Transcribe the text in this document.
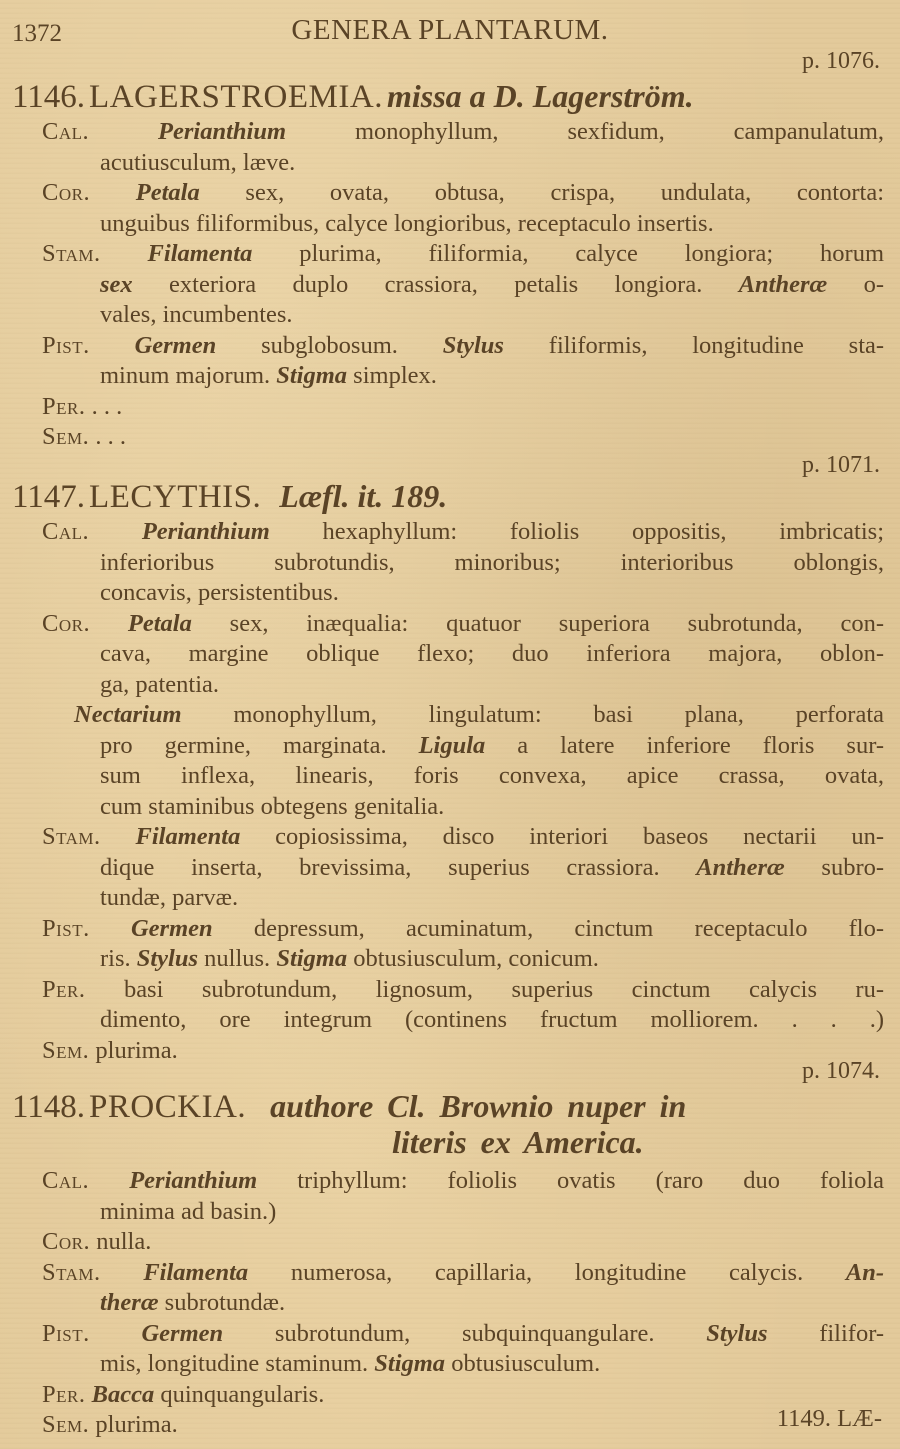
1372	GENERA PLANTARUM.
p. 1076.
1146. LAGERSTROEMIA. missa a D. Lagerström.
Cal.	Perianthium	monophyllum, sexfidum, campanulatum,
acutiusculum, læve.
Cor. Petala sex, ovata, obtusa, crispa, undulata, contorta:
unguibus filiformibus, calyce longioribus, receptaculo insertis.
Stam. Filamenta plurima, filiformia, calyce longiora; horum
sex exteriora duplo crassiora, petalis longiora. Antheræ o-
vales, incumbentes.
Pist. Germen subglobosum. Stylus filiformis, longitudine sta-
minum majorum. Stigma simplex.
Per. . . .
Sem. . . .
p. 1071.
1147. LECYTHIS. Læfl. it. 189.
Cal. Perianthium hexaphyllum: foliolis oppositis, imbricatis;
inferioribus subrotundis, minoribus; interioribus oblongis,
concavis, persistentibus.
Cor. Petala sex, inæqualia: quatuor superiora subrotunda, con-
cava, margine oblique flexo; duo inferiora majora, oblon-
ga, patentia.
Nectarium monophyllum, lingulatum: basi plana, perforata
pro germine, marginata. Ligula a latere inferiore floris sur-
sum inflexa, linearis, foris convexa, apice crassa, ovata,
cum staminibus obtegens genitalia.
Stam. Filamenta copiosissima, disco interiori baseos nectarii un-
dique inserta, brevissima, superius crassiora. Antheræ subro-
tundæ, parvæ.
Pist. Germen depressum, acuminatum, cinctum receptaculo flo-
ris. Stylus nullus. Stigma obtusiusculum, conicum.
Per. basi subrotundum, lignosum, superius cinctum calycis ru-
dimento, ore integrum (continens fructum molliorem. . . .)
Sem. plurima.
p. 1074.
1148. PROCKIA. authore Cl. Brownio nuper in
literis ex America.
Cal. Perianthium triphyllum: foliolis ovatis (raro duo foliola
minima ad basin.)
Cor. nulla.
Stam. Filamenta numerosa, capillaria, longitudine calycis. An-
theræ subrotundæ.
Pist. Germen subrotundum, subquinquangulare. Stylus filifor-
mis, longitudine staminum. Stigma obtusiusculum.
Per. Bacca quinquangularis.
Sem. plurima.	1149. LÆ-
